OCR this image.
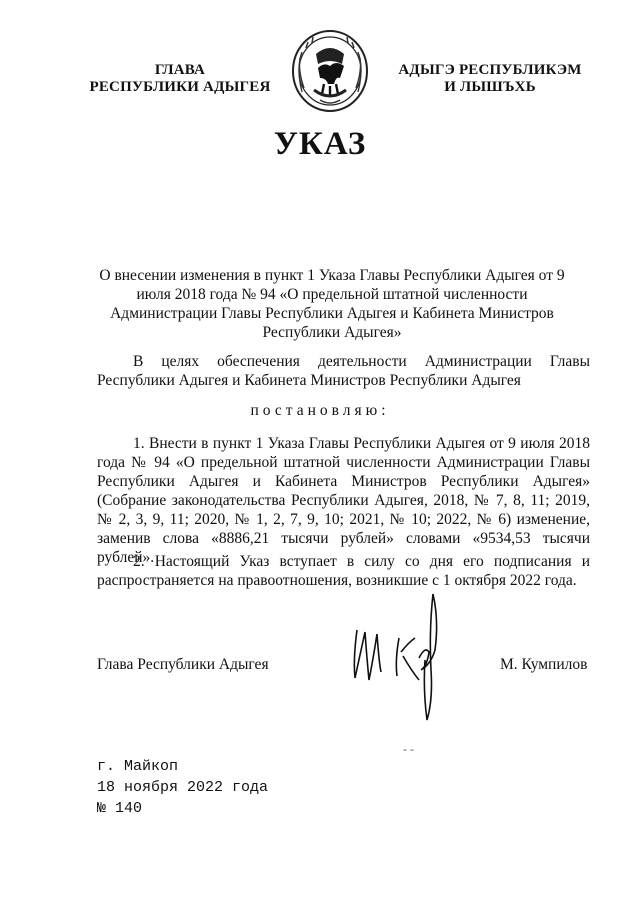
ГЛАВА
РЕСПУБЛИКИ АДЫГЕЯ
АДЫГЭ РЕСПУБЛИКЭМ
И ЛЫШЪХЬ
УКАЗ
О внесении изменения в пункт 1 Указа Главы Республики Адыгея от 9 июля 2018 года № 94 «О предельной штатной численности Администрации Главы Республики Адыгея и Кабинета Министров Республики Адыгея»
В целях обеспечения деятельности Администрации Главы Республики Адыгея и Кабинета Министров Республики Адыгея
постановляю:
1. Внести в пункт 1 Указа Главы Республики Адыгея от 9 июля 2018 года № 94 «О предельной штатной численности Администрации Главы Республики Адыгея и Кабинета Министров Республики Адыгея» (Собрание законодательства Республики Адыгея, 2018, № 7, 8, 11; 2019, № 2, 3, 9, 11; 2020, № 1, 2, 7, 9, 10; 2021, № 10; 2022, № 6) изменение, заменив слова «8886,21 тысячи рублей» словами «9534,53 тысячи рублей».
2. Настоящий Указ вступает в силу со дня его подписания и распространяется на правоотношения, возникшие с 1 октября 2022 года.
Глава Республики Адыгея	М. Кумпилов
- -
г. Майкоп
18 ноября 2022 года
№ 140
